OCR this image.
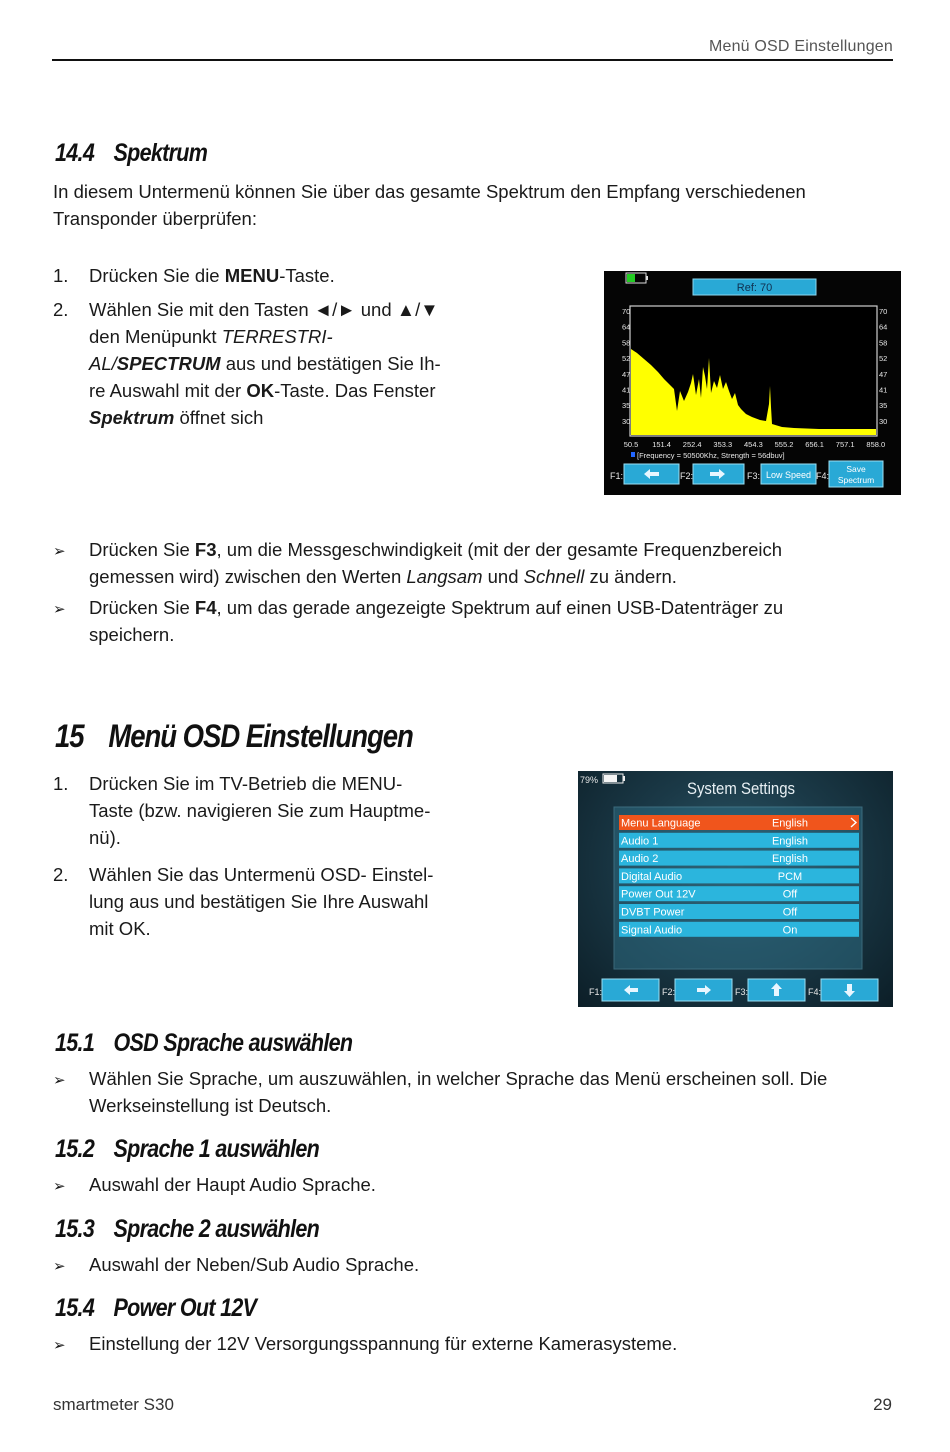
Menü OSD Einstellungen
14.4 Spektrum
In diesem Untermenü können Sie über das gesamte Spektrum den Empfang verschiedenen
Transponder überprüfen:
1. Drücken Sie die MENU-Taste.
2. Wählen Sie mit den Tasten ◄/► und ▲/▼
den Menüpunkt TERRESTRI-
AL/SPECTRUM aus und bestätigen Sie Ih-
re Auswahl mit der OK-Taste. Das Fenster
Spektrum öffnet sich
Ref: 70
70
64
58
52
47
41
35
30
70
64
58
52
47
41
35
30
50.5 151.4 252.4 353.3 454.3 555.2 656.1 757.1 858.0
[Frequency = 50500Khz, Strength = 56dbuv]
F1:	F2:	F3: Low Speed F4:
Save
Spectrum
➢ Drücken Sie F3, um die Messgeschwindigkeit (mit der der gesamte Frequenzbereich
gemessen wird) zwischen den Werten Langsam und Schnell zu ändern.
➢ Drücken Sie F4, um das gerade angezeigte Spektrum auf einen USB-Datenträger zu
speichern.
15 Menü OSD Einstellungen
1. Drücken Sie im TV-Betrieb die MENU-
Taste (bzw. navigieren Sie zum Hauptme-
nü).
2. Wählen Sie das Untermenü OSD- Einstel-
lung aus und bestätigen Sie Ihre Auswahl
mit OK.
79%
System Settings
Menu Language	English
Audio 1	English
Audio 2	English
Digital Audio	PCM
Power Out 12V	Off
DVBT Power	Off
Signal Audio	On
F1:	F2:	F3:	F4:
15.1 OSD Sprache auswählen
➢ Wählen Sie Sprache, um auszuwählen, in welcher Sprache das Menü erscheinen soll. Die
Werkseinstellung ist Deutsch.
15.2 Sprache 1 auswählen
➢ Auswahl der Haupt Audio Sprache.
15.3 Sprache 2 auswählen
➢ Auswahl der Neben/Sub Audio Sprache.
15.4 Power Out 12V
➢ Einstellung der 12V Versorgungsspannung für externe Kamerasysteme.
smartmeter S30	29
